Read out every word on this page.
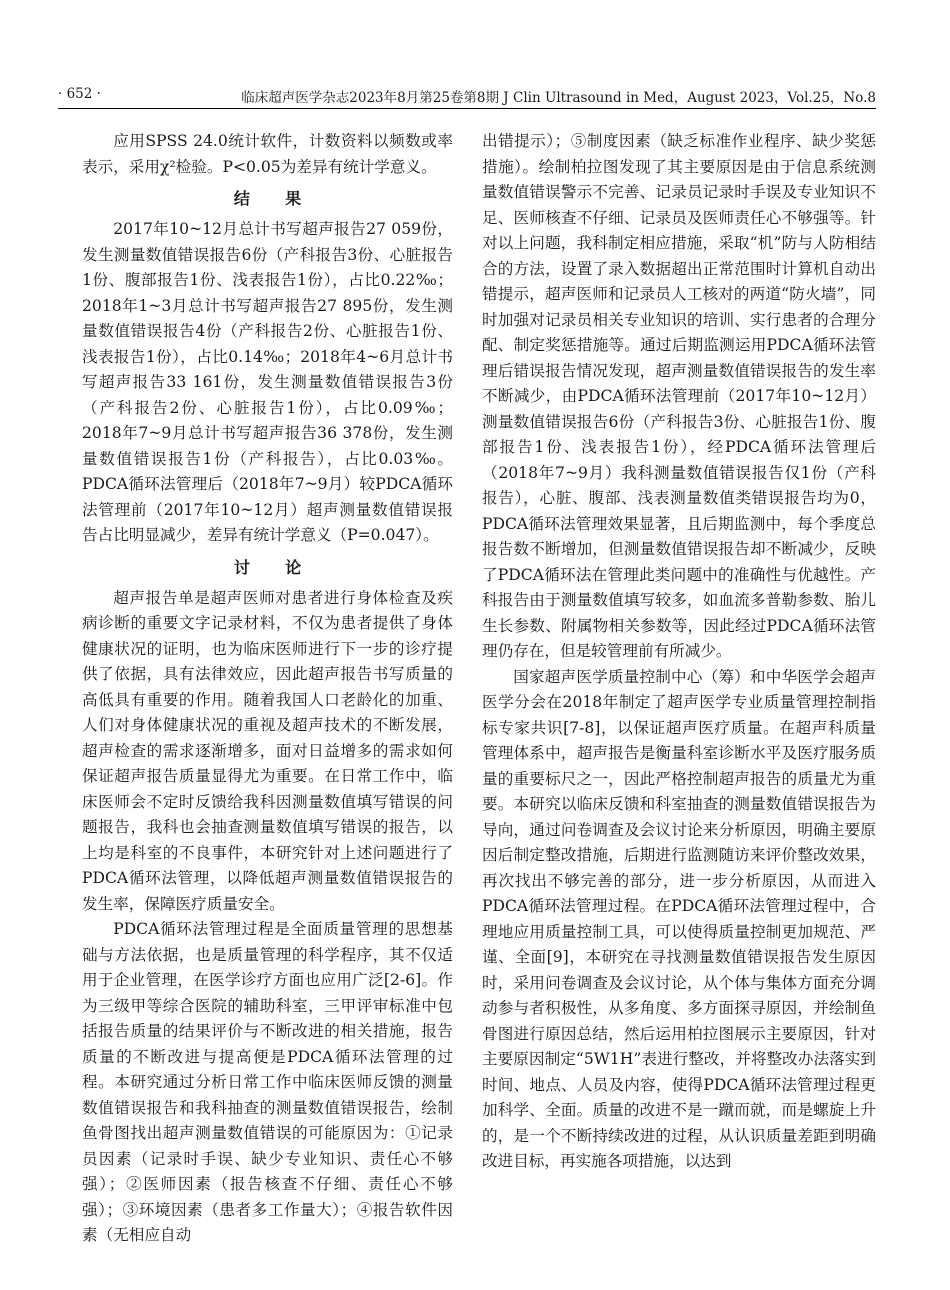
· 652 ·	临床超声医学杂志2023年8月第25卷第8期 J Clin Ultrasound in Med，August 2023，Vol.25，No.8

应用SPSS 24.0统计软件，计数资料以频数或率表示，采用χ²检验。P<0.05为差异有统计学意义。

结果

2017年10~12月总计书写超声报告27 059份，发生测量数值错误报告6份（产科报告3份、心脏报告1份、腹部报告1份、浅表报告1份），占比0.22‰；2018年1~3月总计书写超声报告27 895份，发生测量数值错误报告4份（产科报告2份、心脏报告1份、浅表报告1份），占比0.14‰；2018年4~6月总计书写超声报告33 161份，发生测量数值错误报告3份（产科报告2份、心脏报告1份），占比0.09‰；2018年7~9月总计书写超声报告36 378份，发生测量数值错误报告1份（产科报告），占比0.03‰。PDCA循环法管理后（2018年7~9月）较PDCA循环法管理前（2017年10~12月）超声测量数值错误报告占比明显减少，差异有统计学意义（P=0.047）。

讨论

超声报告单是超声医师对患者进行身体检查及疾病诊断的重要文字记录材料，不仅为患者提供了身体健康状况的证明，也为临床医师进行下一步的诊疗提供了依据，具有法律效应，因此超声报告书写质量的高低具有重要的作用。随着我国人口老龄化的加重、人们对身体健康状况的重视及超声技术的不断发展，超声检查的需求逐渐增多，面对日益增多的需求如何保证超声报告质量显得尤为重要。在日常工作中，临床医师会不定时反馈给我科因测量数值填写错误的问题报告，我科也会抽查测量数值填写错误的报告，以上均是科室的不良事件，本研究针对上述问题进行了PDCA循环法管理，以降低超声测量数值错误报告的发生率，保障医疗质量安全。

PDCA循环法管理过程是全面质量管理的思想基础与方法依据，也是质量管理的科学程序，其不仅适用于企业管理，在医学诊疗方面也应用广泛[2-6]。作为三级甲等综合医院的辅助科室，三甲评审标准中包括报告质量的结果评价与不断改进的相关措施，报告质量的不断改进与提高便是PDCA循环法管理的过程。本研究通过分析日常工作中临床医师反馈的测量数值错误报告和我科抽查的测量数值错误报告，绘制鱼骨图找出超声测量数值错误的可能原因为：①记录员因素（记录时手误、缺少专业知识、责任心不够强）；②医师因素（报告核查不仔细、责任心不够强）；③环境因素（患者多工作量大）；④报告软件因素（无相应自动

出错提示）；⑤制度因素（缺乏标准作业程序、缺少奖惩措施）。绘制柏拉图发现了其主要原因是由于信息系统测量数值错误警示不完善、记录员记录时手误及专业知识不足、医师核查不仔细、记录员及医师责任心不够强等。针对以上问题，我科制定相应措施，采取“机”防与人防相结合的方法，设置了录入数据超出正常范围时计算机自动出错提示，超声医师和记录员人工核对的两道“防火墙”，同时加强对记录员相关专业知识的培训、实行患者的合理分配、制定奖惩措施等。通过后期监测运用PDCA循环法管理后错误报告情况发现，超声测量数值错误报告的发生率不断减少，由PDCA循环法管理前（2017年10~12月）测量数值错误报告6份（产科报告3份、心脏报告1份、腹部报告1份、浅表报告1份），经PDCA循环法管理后（2018年7~9月）我科测量数值错误报告仅1份（产科报告），心脏、腹部、浅表测量数值类错误报告均为0，PDCA循环法管理效果显著，且后期监测中，每个季度总报告数不断增加，但测量数值错误报告却不断减少，反映了PDCA循环法在管理此类问题中的准确性与优越性。产科报告由于测量数值填写较多，如血流多普勒参数、胎儿生长参数、附属物相关参数等，因此经过PDCA循环法管理仍存在，但是较管理前有所减少。

国家超声医学质量控制中心（筹）和中华医学会超声医学分会在2018年制定了超声医学专业质量管理控制指标专家共识[7-8]，以保证超声医疗质量。在超声科质量管理体系中，超声报告是衡量科室诊断水平及医疗服务质量的重要标尺之一，因此严格控制超声报告的质量尤为重要。本研究以临床反馈和科室抽查的测量数值错误报告为导向，通过问卷调查及会议讨论来分析原因，明确主要原因后制定整改措施，后期进行监测随访来评价整改效果，再次找出不够完善的部分，进一步分析原因，从而进入PDCA循环法管理过程。在PDCA循环法管理过程中，合理地应用质量控制工具，可以使得质量控制更加规范、严谨、全面[9]，本研究在寻找测量数值错误报告发生原因时，采用问卷调查及会议讨论，从个体与集体方面充分调动参与者积极性，从多角度、多方面探寻原因，并绘制鱼骨图进行原因总结，然后运用柏拉图展示主要原因，针对主要原因制定“5W1H”表进行整改，并将整改办法落实到时间、地点、人员及内容，使得PDCA循环法管理过程更加科学、全面。质量的改进不是一蹴而就，而是螺旋上升的，是一个不断持续改进的过程，从认识质量差距到明确改进目标，再实施各项措施，以达到
